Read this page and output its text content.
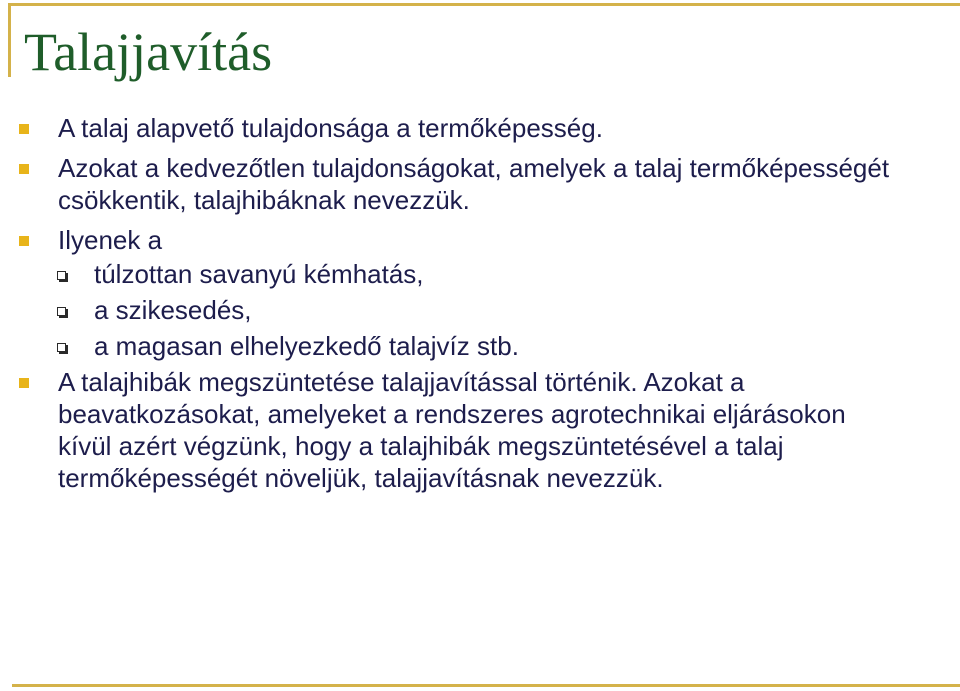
Talajjavítás
A talaj alapvető tulajdonsága a termőképesség.
Azokat a kedvezőtlen tulajdonságokat, amelyek a talaj termőképességét csökkentik, talajhibáknak nevezzük.
Ilyenek a
túlzottan savanyú kémhatás,
a szikesedés,
a magasan elhelyezkedő talajvíz stb.
A talajhibák megszüntetése talajjavítással történik. Azokat a beavatkozásokat, amelyeket a rendszeres agrotechnikai eljárásokon kívül azért végzünk, hogy a talajhibák megszüntetésével a talaj termőképességét növeljük, talajjavításnak nevezzük.
